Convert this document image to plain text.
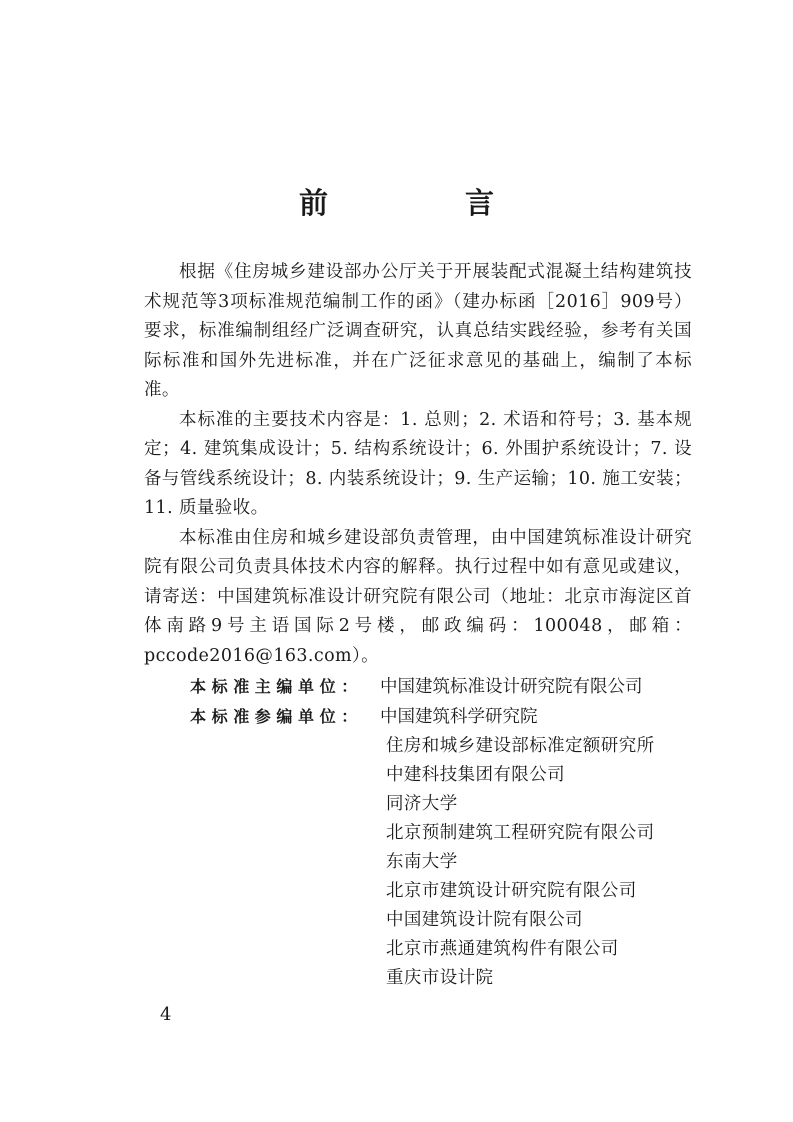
前　言

根据《住房城乡建设部办公厅关于开展装配式混凝土结构建筑技术规范等3项标准规范编制工作的函》（建办标函［2016］909号）要求，标准编制组经广泛调查研究，认真总结实践经验，参考有关国际标准和国外先进标准，并在广泛征求意见的基础上，编制了本标准。

本标准的主要技术内容是：1. 总则；2. 术语和符号；3. 基本规定；4. 建筑集成设计；5. 结构系统设计；6. 外围护系统设计；7. 设备与管线系统设计；8. 内装系统设计；9. 生产运输；10. 施工安装；11. 质量验收。

本标准由住房和城乡建设部负责管理，由中国建筑标准设计研究院有限公司负责具体技术内容的解释。执行过程中如有意见或建议，请寄送：中国建筑标准设计研究院有限公司（地址：北京市海淀区首体南路9号主语国际2号楼，邮政编码：100048，邮箱：pccode2016@163.com）。

本标准主编单位： 中国建筑标准设计研究院有限公司
本标准参编单位： 中国建筑科学研究院
住房和城乡建设部标准定额研究所
中建科技集团有限公司
同济大学
北京预制建筑工程研究院有限公司
东南大学
北京市建筑设计研究院有限公司
中国建筑设计院有限公司
北京市燕通建筑构件有限公司
重庆市设计院
4
